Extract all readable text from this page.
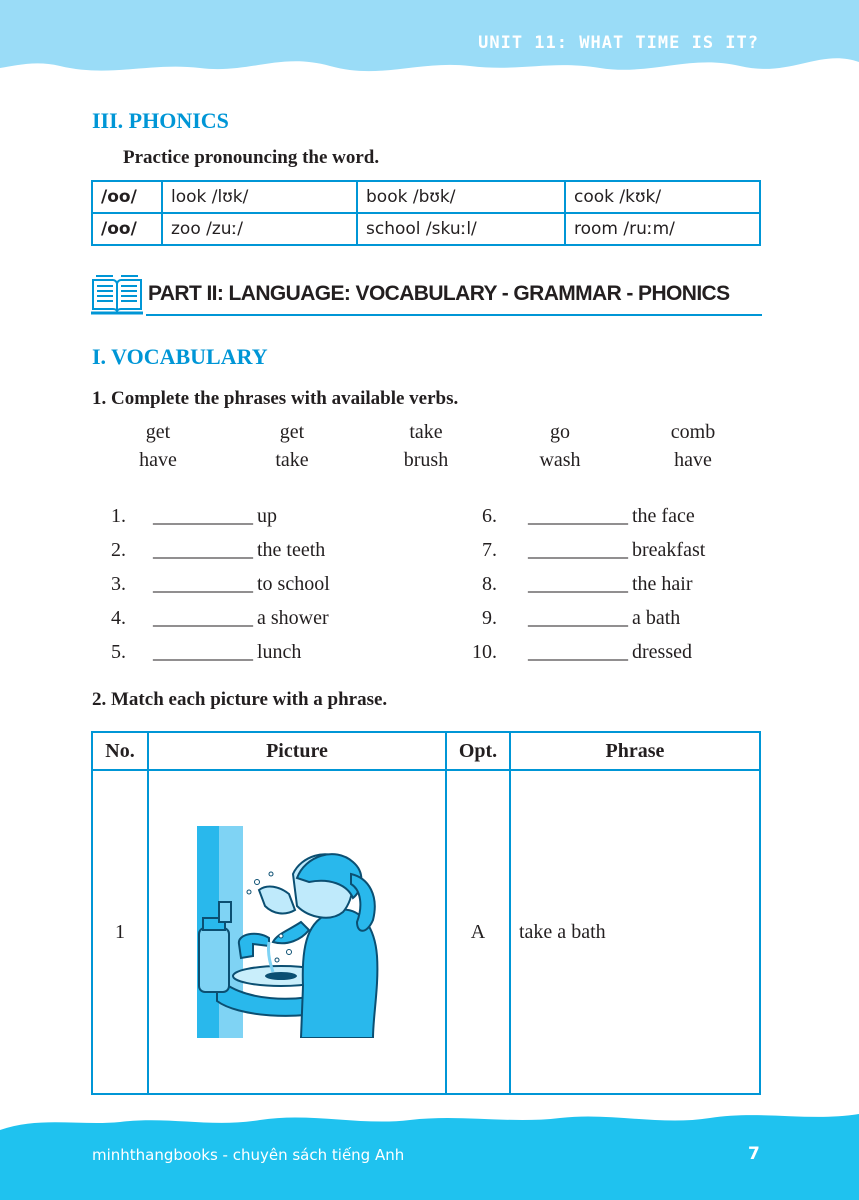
UNIT 11: WHAT TIME IS IT?
III. PHONICS
Practice pronouncing the word.
/oo/	look /lʊk/	book /bʊk/	cook /kʊk/
/oo/	zoo /zuː/	school /skuːl/	room /ruːm/
PART II: LANGUAGE: VOCABULARY - GRAMMAR - PHONICS
I. VOCABULARY
1. Complete the phrases with available verbs.
get	get	take	go	comb
have	take	brush	wash	have
1. ___________ up
2. ___________ the teeth
3. ___________ to school
4. ___________ a shower
5. ___________ lunch
6. ___________ the face
7. ___________ breakfast
8. ___________ the hair
9. ___________ a bath
10. ___________ dressed
2. Match each picture with a phrase.
No.	Picture	Opt.	Phrase
1		A	take a bath
minhthangbooks - chuyên sách tiếng Anh	7
